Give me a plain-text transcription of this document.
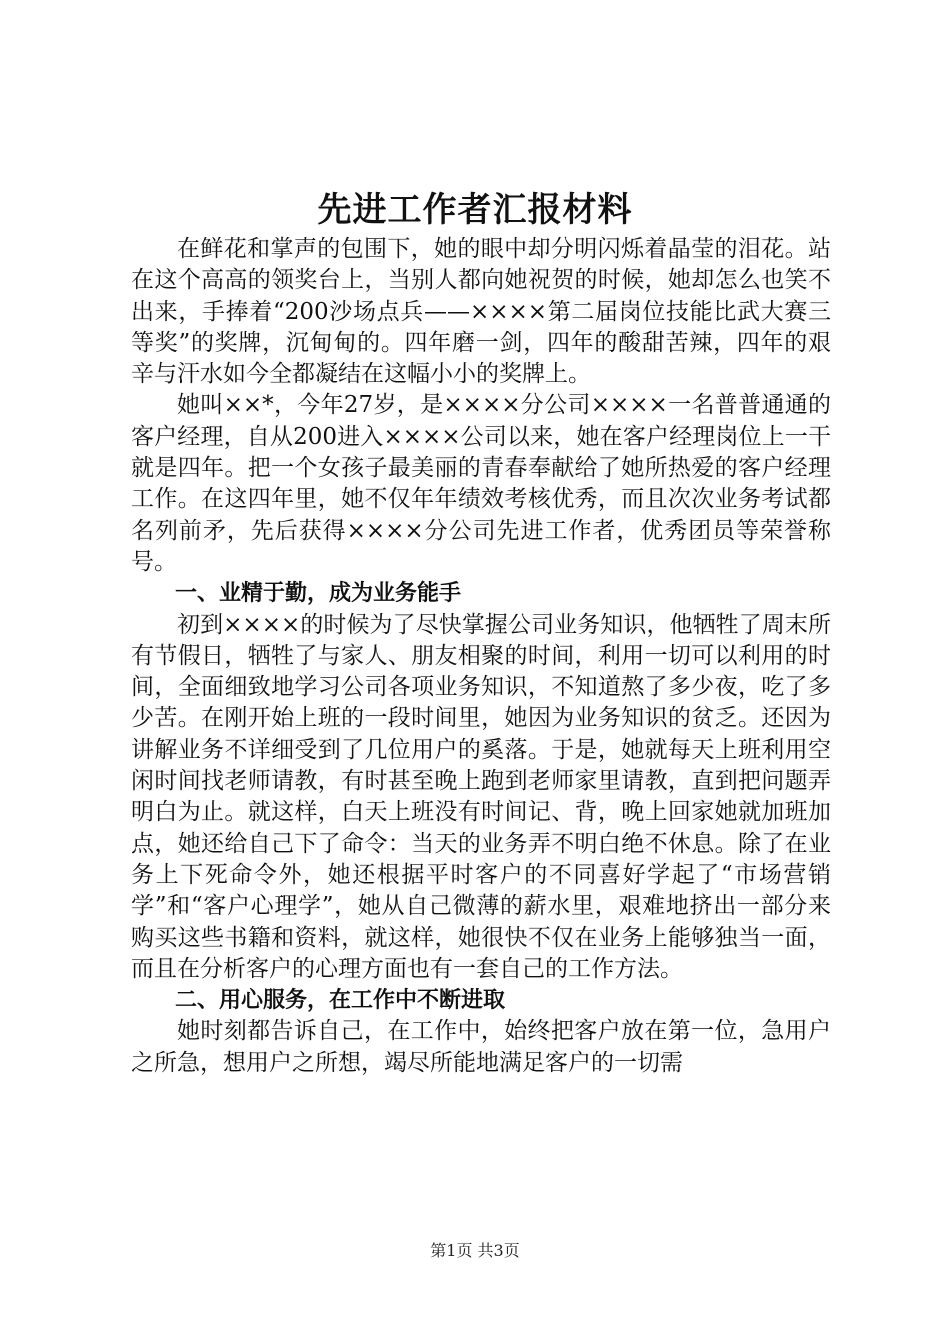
先进工作者汇报材料

在鲜花和掌声的包围下，她的眼中却分明闪烁着晶莹的泪花。站在这个高高的领奖台上，当别人都向她祝贺的时候，她却怎么也笑不出来，手捧着“200沙场点兵——××××第二届岗位技能比武大赛三等奖”的奖牌，沉甸甸的。四年磨一剑，四年的酸甜苦辣，四年的艰辛与汗水如今全都凝结在这幅小小的奖牌上。

她叫××*，今年27岁，是××××分公司××××一名普普通通的客户经理，自从200进入××××公司以来，她在客户经理岗位上一干就是四年。把一个女孩子最美丽的青春奉献给了她所热爱的客户经理工作。在这四年里，她不仅年年绩效考核优秀，而且次次业务考试都名列前矛，先后获得××××分公司先进工作者，优秀团员等荣誉称号。

一、业精于勤，成为业务能手

初到××××的时候为了尽快掌握公司业务知识，他牺牲了周末所有节假日，牺牲了与家人、朋友相聚的时间，利用一切可以利用的时间，全面细致地学习公司各项业务知识，不知道熬了多少夜，吃了多少苦。在刚开始上班的一段时间里，她因为业务知识的贫乏。还因为讲解业务不详细受到了几位用户的奚落。于是，她就每天上班利用空闲时间找老师请教，有时甚至晚上跑到老师家里请教，直到把问题弄明白为止。就这样，白天上班没有时间记、背，晚上回家她就加班加点，她还给自己下了命令：当天的业务弄不明白绝不休息。除了在业务上下死命令外，她还根据平时客户的不同喜好学起了“市场营销学”和“客户心理学”，她从自己微薄的薪水里，艰难地挤出一部分来购买这些书籍和资料，就这样，她很快不仅在业务上能够独当一面，而且在分析客户的心理方面也有一套自己的工作方法。

二、用心服务，在工作中不断进取

她时刻都告诉自己，在工作中，始终把客户放在第一位，急用户之所急，想用户之所想，竭尽所能地满足客户的一切需

第1页 共3页
